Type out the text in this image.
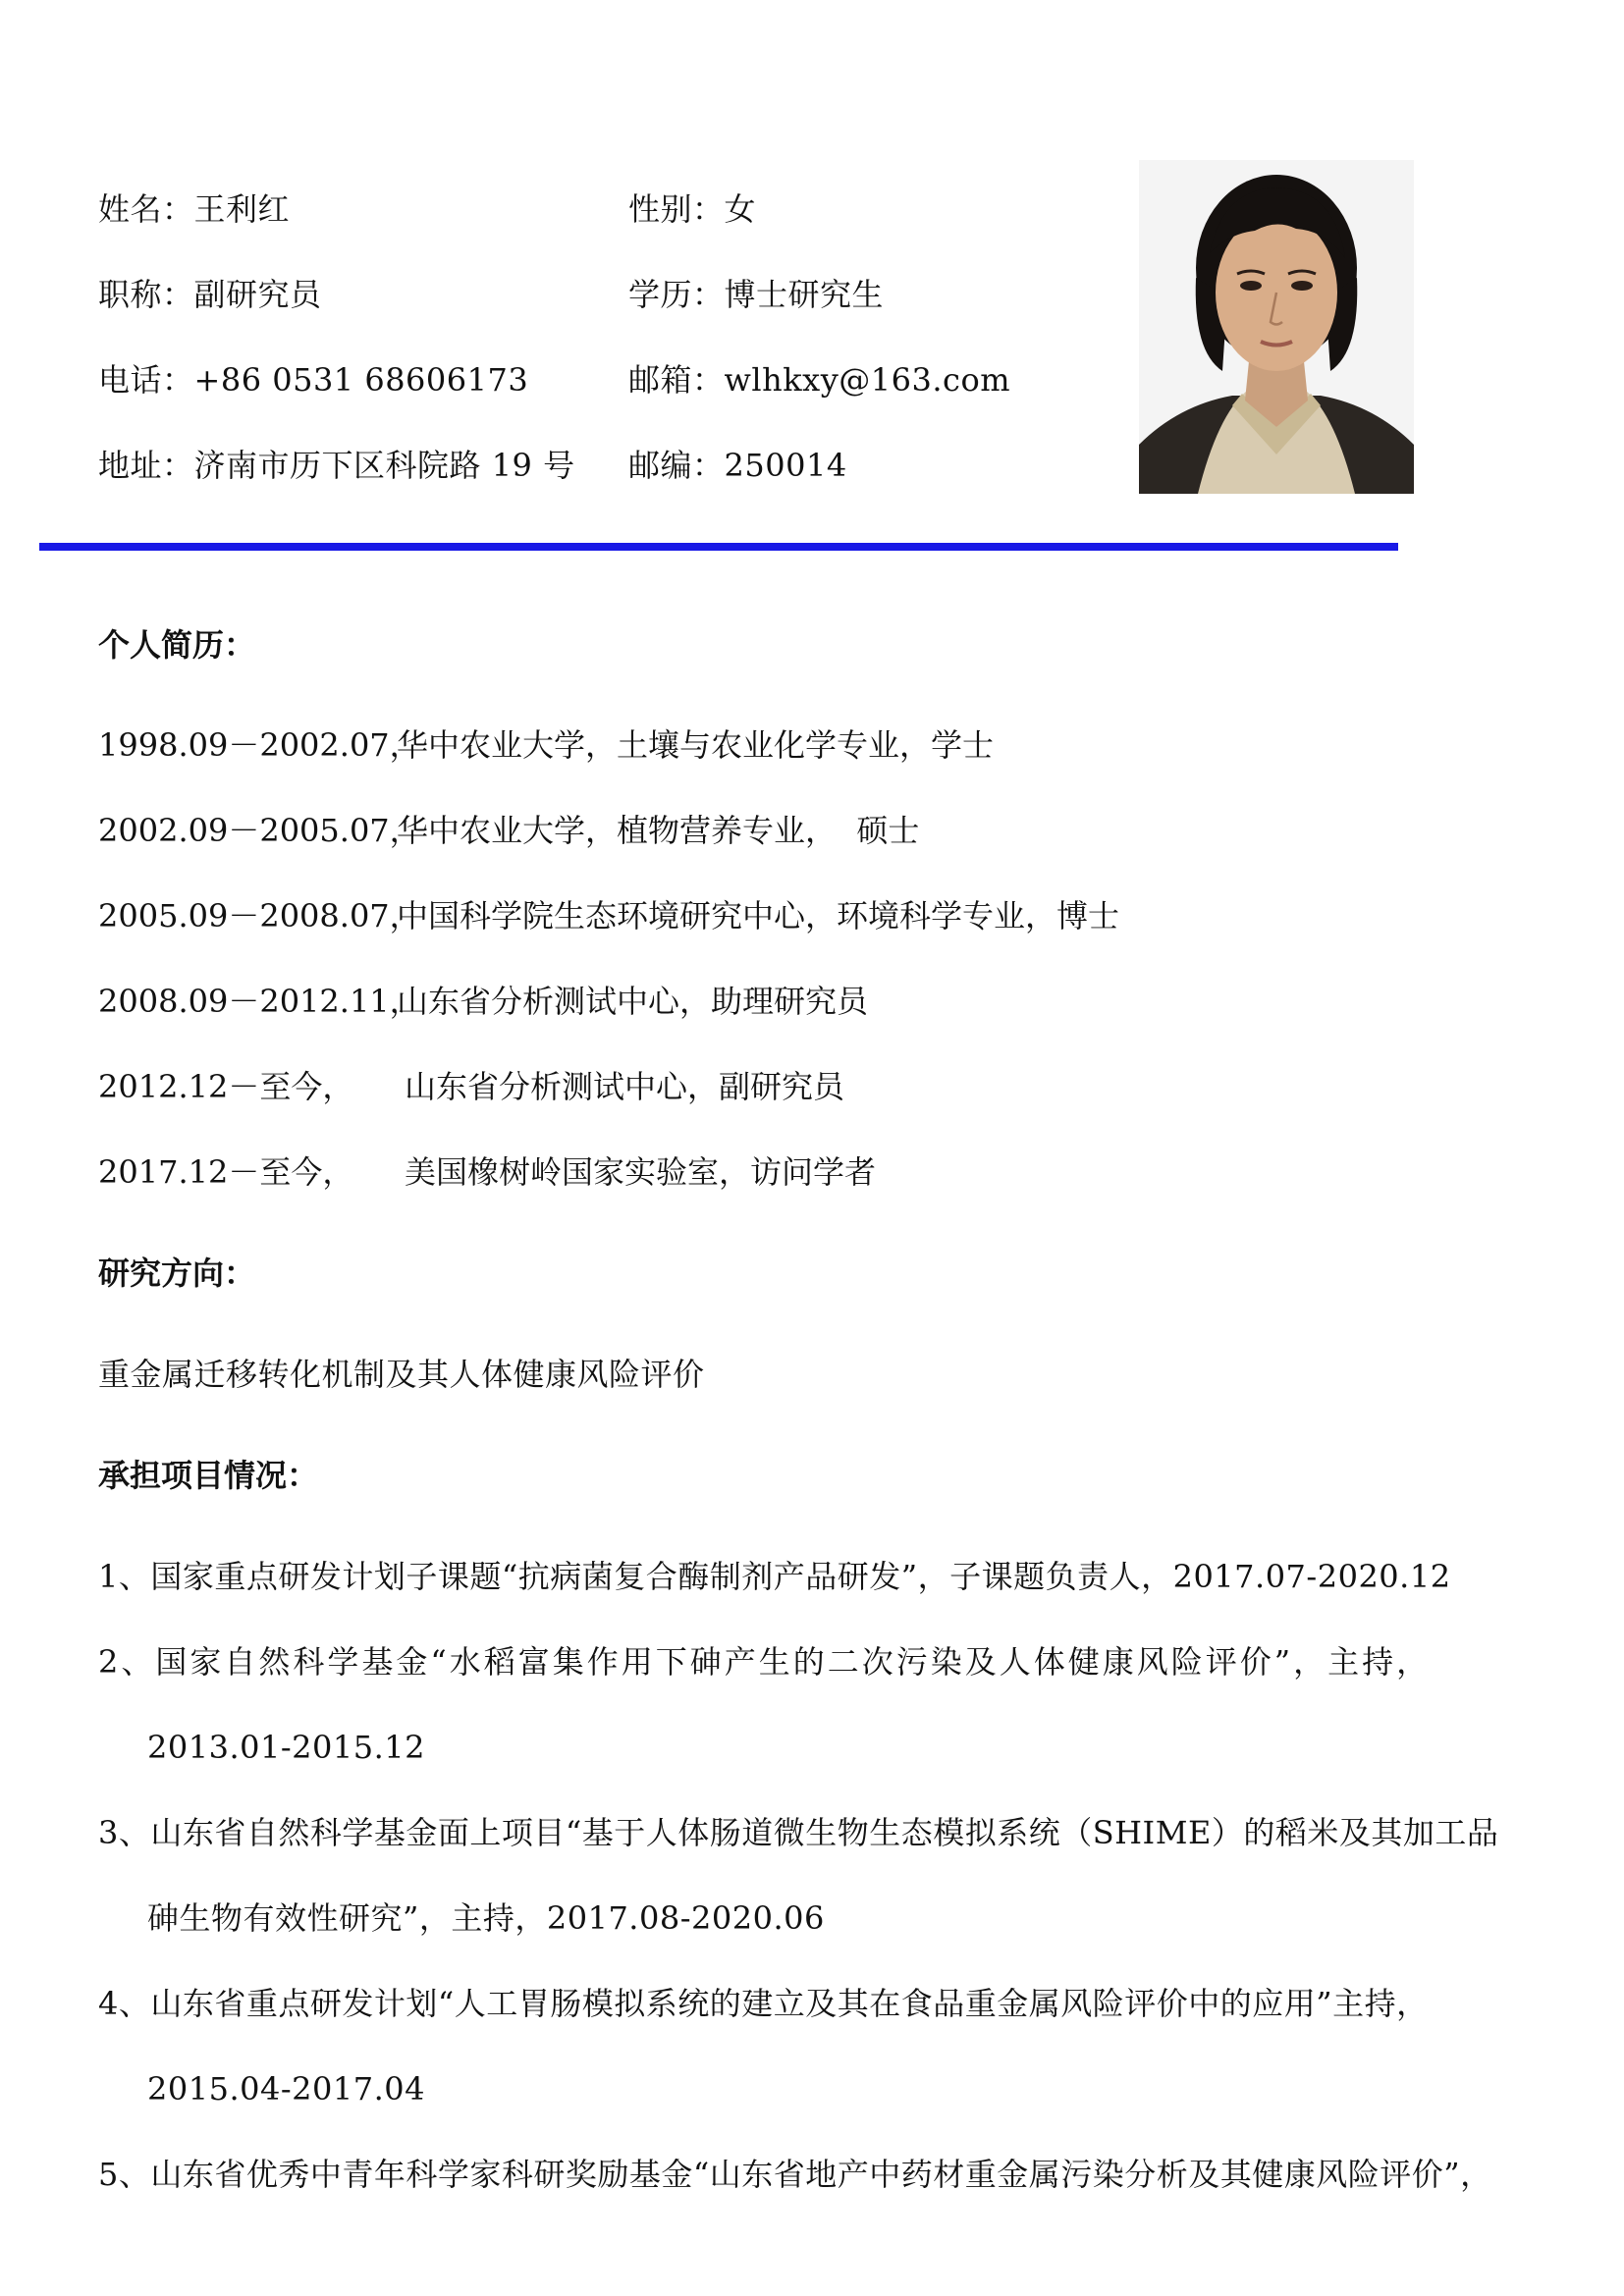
姓名：王利红
职称：副研究员
电话：+86 0531 68606173
地址：济南市历下区科院路 19 号
性别：女
学历：博士研究生
邮箱：wlhkxy@163.com
邮编：250014
个人简历：
1998.09－2002.07，
华中农业大学，土壤与农业化学专业，学士
2002.09－2005.07，
华中农业大学，植物营养专业，  硕士
2005.09－2008.07，
中国科学院生态环境研究中心，环境科学专业，博士
2008.09－2012.11，
山东省分析测试中心，助理研究员
2012.12－至今， 山东省分析测试中心，副研究员
2017.12－至今， 美国橡树岭国家实验室，访问学者
研究方向：
重金属迁移转化机制及其人体健康风险评价
承担项目情况：
1、国家重点研发计划子课题“抗病菌复合酶制剂产品研发”，子课题负责人，2017.07-2020.12
2、国家自然科学基金“水稻富集作用下砷产生的二次污染及人体健康风险评价”，主持，
2013.01-2015.12
3、山东省自然科学基金面上项目“基于人体肠道微生物生态模拟系统（SHIME）的稻米及其加工品
砷生物有效性研究”，主持，2017.08-2020.06
4、山东省重点研发计划“人工胃肠模拟系统的建立及其在食品重金属风险评价中的应用”主持，
2015.04-2017.04
5、山东省优秀中青年科学家科研奖励基金“山东省地产中药材重金属污染分析及其健康风险评价”，
